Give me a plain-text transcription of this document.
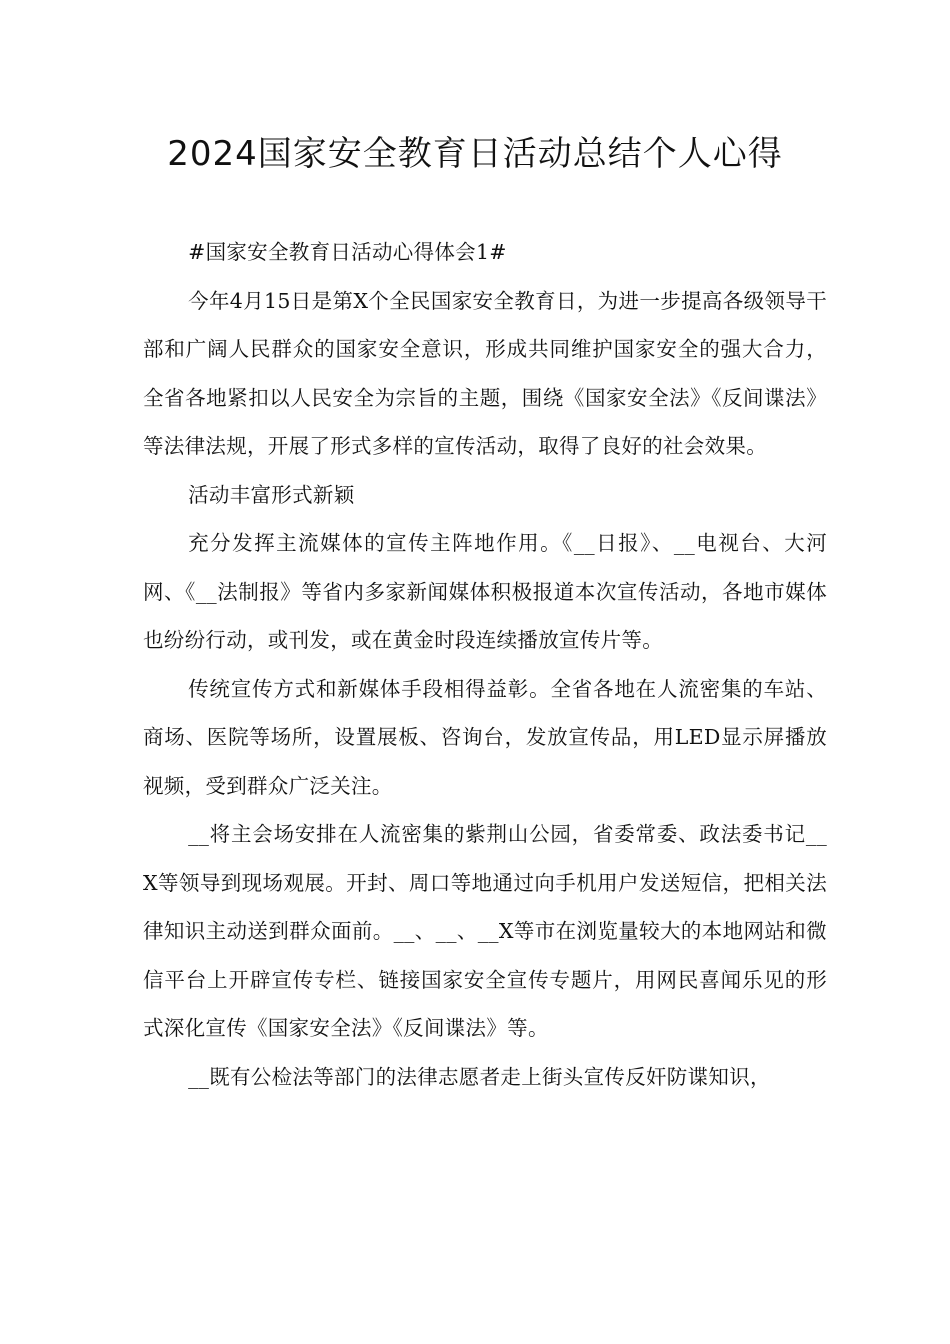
2024国家安全教育日活动总结个人心得

#国家安全教育日活动心得体会1#

今年4月15日是第X个全民国家安全教育日，为进一步提高各级领导干部和广阔人民群众的国家安全意识，形成共同维护国家安全的强大合力，全省各地紧扣以人民安全为宗旨的主题，围绕《国家安全法》《反间谍法》等法律法规，开展了形式多样的宣传活动，取得了良好的社会效果。

活动丰富形式新颖

充分发挥主流媒体的宣传主阵地作用。《__日报》、__电视台、大河网、《__法制报》等省内多家新闻媒体积极报道本次宣传活动，各地市媒体也纷纷行动，或刊发，或在黄金时段连续播放宣传片等。

传统宣传方式和新媒体手段相得益彰。全省各地在人流密集的车站、商场、医院等场所，设置展板、咨询台，发放宣传品，用LED显示屏播放视频，受到群众广泛关注。

__将主会场安排在人流密集的紫荆山公园，省委常委、政法委书记__X等领导到现场观展。开封、周口等地通过向手机用户发送短信，把相关法律知识主动送到群众面前。__、__、__X等市在浏览量较大的本地网站和微信平台上开辟宣传专栏、链接国家安全宣传专题片，用网民喜闻乐见的形式深化宣传《国家安全法》《反间谍法》等。

__既有公检法等部门的法律志愿者走上街头宣传反奸防谍知识，
